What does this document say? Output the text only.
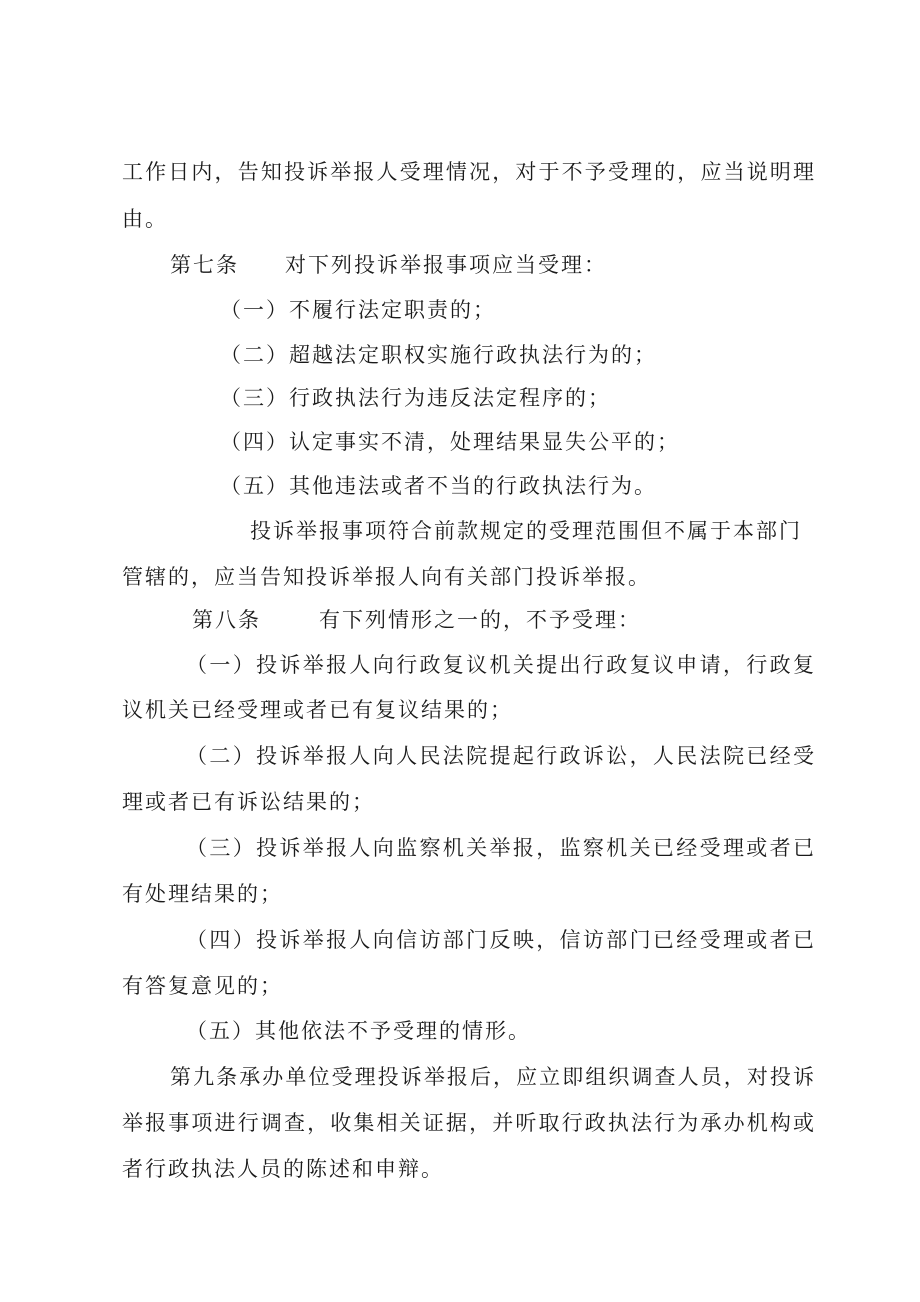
工作日内，告知投诉举报人受理情况，对于不予受理的，应当说明理
由。
第七条 对下列投诉举报事项应当受理：
（一）不履行法定职责的；
（二）超越法定职权实施行政执法行为的；
（三）行政执法行为违反法定程序的；
（四）认定事实不清，处理结果显失公平的；
（五）其他违法或者不当的行政执法行为。
投诉举报事项符合前款规定的受理范围但不属于本部门
管辖的，应当告知投诉举报人向有关部门投诉举报。
第八条	有下列情形之一的，不予受理：
（一）投诉举报人向行政复议机关提出行政复议申请，行政复
议机关已经受理或者已有复议结果的；
（二）投诉举报人向人民法院提起行政诉讼，人民法院已经受
理或者已有诉讼结果的；
（三）投诉举报人向监察机关举报，监察机关已经受理或者已
有处理结果的；
（四）投诉举报人向信访部门反映，信访部门已经受理或者已
有答复意见的；
（五）其他依法不予受理的情形。
第九条承办单位受理投诉举报后，应立即组织调查人员，对投诉
举报事项进行调查，收集相关证据，并听取行政执法行为承办机构或
者行政执法人员的陈述和申辩。
